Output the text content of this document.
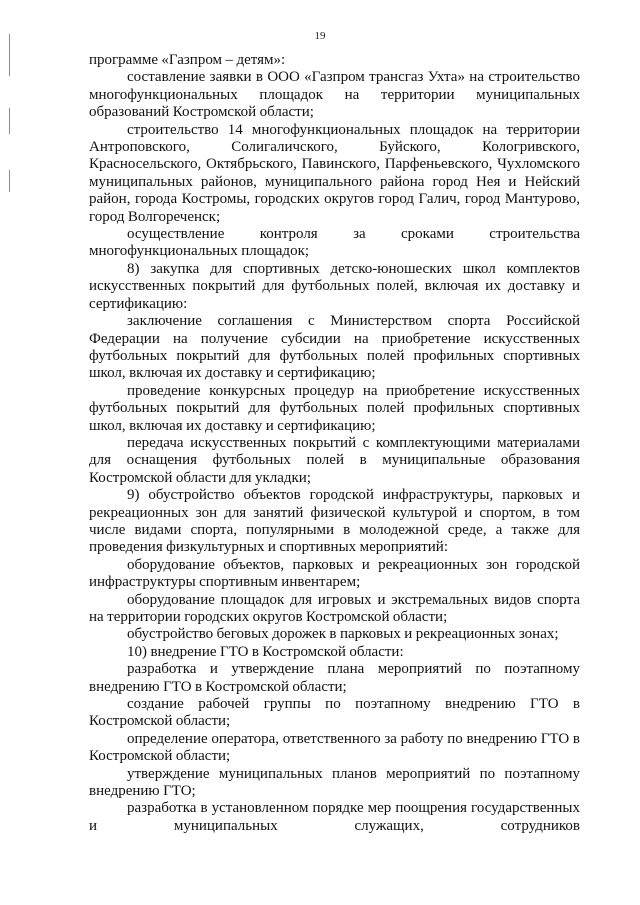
19

программе «Газпром – детям»:

составление заявки в ООО «Газпром трансгаз Ухта» на строительство многофункциональных площадок на территории муниципальных образований Костромской области;

строительство 14 многофункциональных площадок на территории Антроповского, Солигаличского, Буйского, Кологривского, Красносельского, Октябрьского, Павинского, Парфеньевского, Чухломского муниципальных районов, муниципального района город Нея и Нейский район, города Костромы, городских округов город Галич, город Мантурово, город Волгореченск;

осуществление контроля за сроками строительства многофункциональных площадок;

8) закупка для спортивных детско-юношеских школ комплектов искусственных покрытий для футбольных полей, включая их доставку и сертификацию:

заключение соглашения с Министерством спорта Российской Федерации на получение субсидии на приобретение искусственных футбольных покрытий для футбольных полей профильных спортивных школ, включая их доставку и сертификацию;

проведение конкурсных процедур на приобретение искусственных футбольных покрытий для футбольных полей профильных спортивных школ, включая их доставку и сертификацию;

передача искусственных покрытий с комплектующими материалами для оснащения футбольных полей в муниципальные образования Костромской области для укладки;

9) обустройство объектов городской инфраструктуры, парковых и рекреационных зон для занятий физической культурой и спортом, в том числе видами спорта, популярными в молодежной среде, а также для проведения физкультурных и спортивных мероприятий:

оборудование объектов, парковых и рекреационных зон городской инфраструктуры спортивным инвентарем;

оборудование площадок для игровых и экстремальных видов спорта на территории городских округов Костромской области;

обустройство беговых дорожек в парковых и рекреационных зонах;

10) внедрение ГТО в Костромской области:

разработка и утверждение плана мероприятий по поэтапному внедрению ГТО в Костромской области;

создание рабочей группы по поэтапному внедрению ГТО в Костромской области;

определение оператора, ответственного за работу по внедрению ГТО в Костромской области;

утверждение муниципальных планов мероприятий по поэтапному внедрению ГТО;

разработка в установленном порядке мер поощрения государственных и муниципальных служащих, сотрудников
